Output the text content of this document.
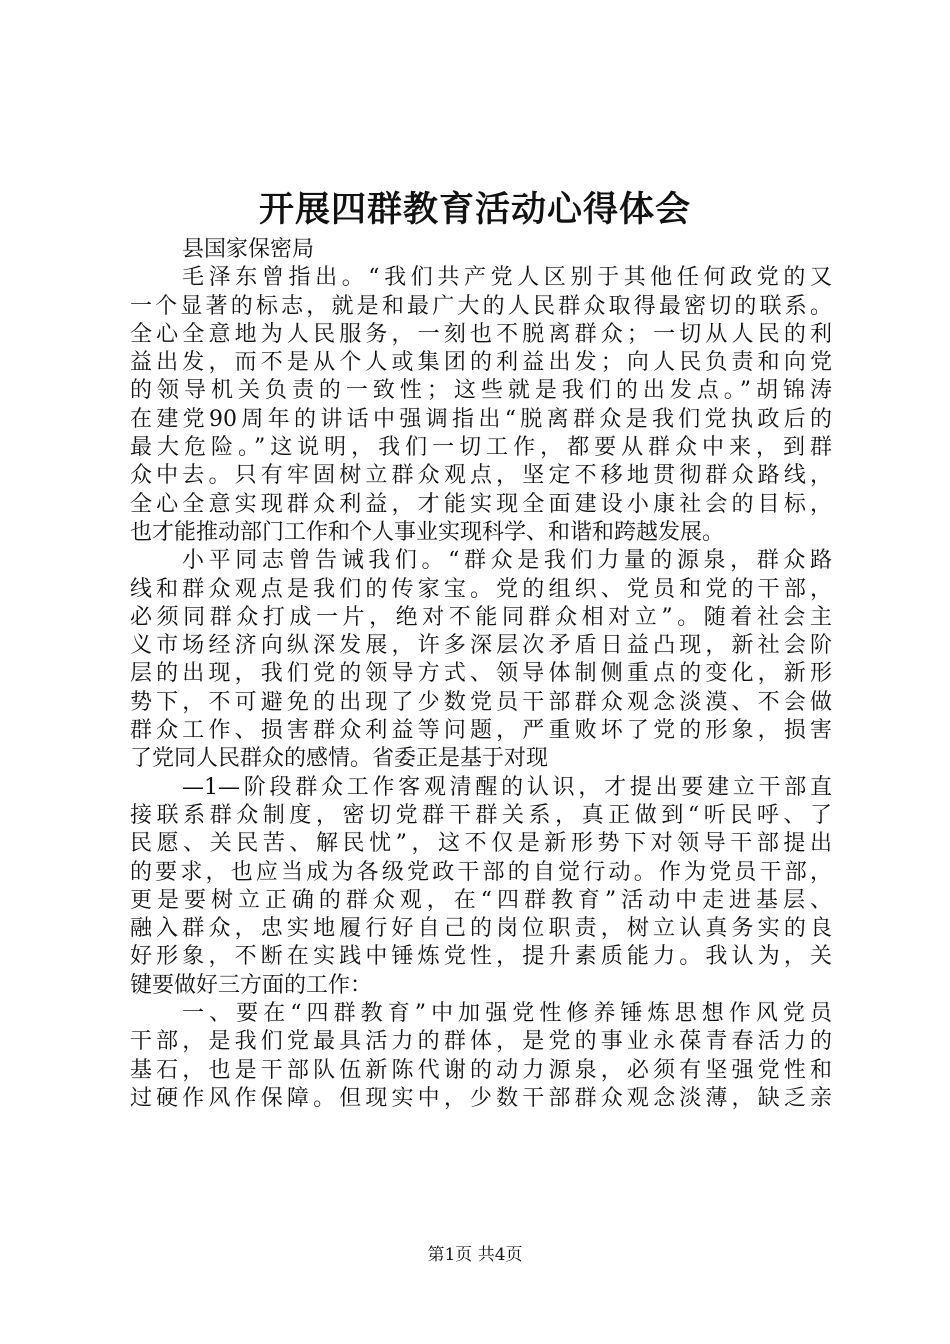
开展四群教育活动心得体会
县国家保密局
毛泽东曾指出。“我们共产党人区别于其他任何政党的又
一个显著的标志，就是和最广大的人民群众取得最密切的联系。
全心全意地为人民服务，一刻也不脱离群众；一切从人民的利
益出发，而不是从个人或集团的利益出发；向人民负责和向党
的领导机关负责的一致性；这些就是我们的出发点。”胡锦涛
在建党90周年的讲话中强调指出“脱离群众是我们党执政后的
最大危险。”这说明，我们一切工作，都要从群众中来，到群
众中去。只有牢固树立群众观点，坚定不移地贯彻群众路线，
全心全意实现群众利益，才能实现全面建设小康社会的目标，
也才能推动部门工作和个人事业实现科学、和谐和跨越发展。
小平同志曾告诫我们。“群众是我们力量的源泉，群众路
线和群众观点是我们的传家宝。党的组织、党员和党的干部，
必须同群众打成一片，绝对不能同群众相对立”。随着社会主
义市场经济向纵深发展，许多深层次矛盾日益凸现，新社会阶
层的出现，我们党的领导方式、领导体制侧重点的变化，新形
势下，不可避免的出现了少数党员干部群众观念淡漠、不会做
群众工作、损害群众利益等问题，严重败坏了党的形象，损害
了党同人民群众的感情。省委正是基于对现
—1—阶段群众工作客观清醒的认识，才提出要建立干部直
接联系群众制度，密切党群干群关系，真正做到“听民呼、了
民愿、关民苦、解民忧”，这不仅是新形势下对领导干部提出
的要求，也应当成为各级党政干部的自觉行动。作为党员干部，
更是要树立正确的群众观，在“四群教育”活动中走进基层、
融入群众，忠实地履行好自己的岗位职责，树立认真务实的良
好形象，不断在实践中锤炼党性，提升素质能力。我认为，关
键要做好三方面的工作：
一、要在“四群教育”中加强党性修养锤炼思想作风党员
干部，是我们党最具活力的群体，是党的事业永葆青春活力的
基石，也是干部队伍新陈代谢的动力源泉，必须有坚强党性和
过硬作风作保障。但现实中，少数干部群众观念淡薄，缺乏亲
第1页 共4页
